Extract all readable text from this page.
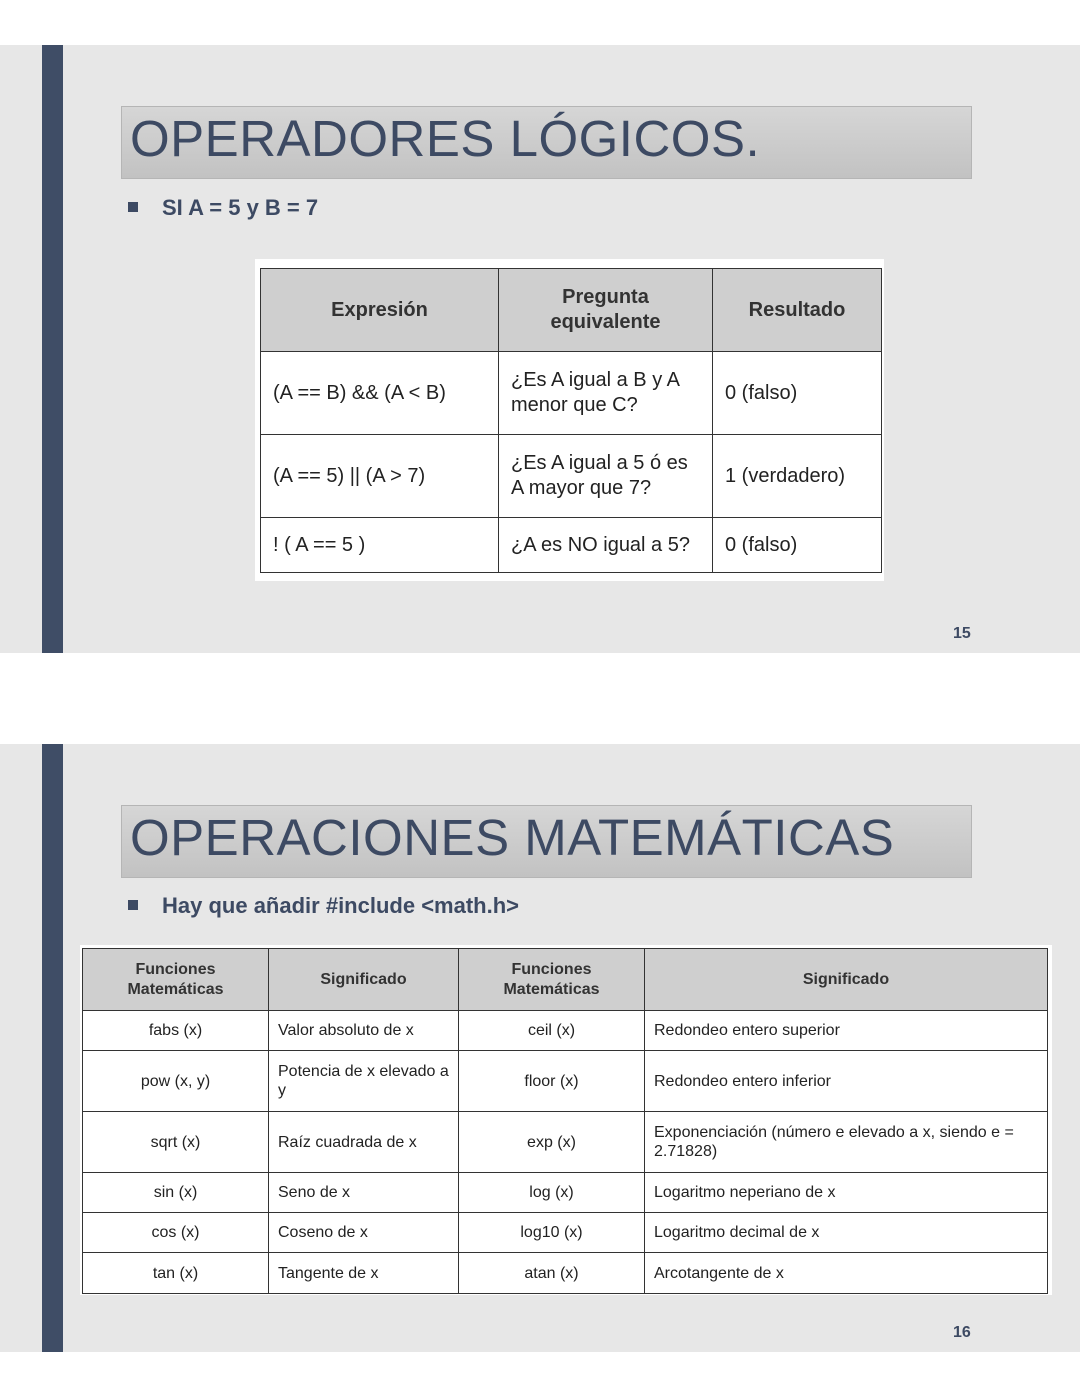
OPERADORES LÓGICOS.
SI A = 5 y B = 7
15
Expresión	Pregunta equivalente	Resultado
(A == B) && (A < B)	¿Es A igual a B y A menor que C?	0 (falso)
(A == 5) || (A > 7)	¿Es A igual a 5 ó es A mayor que 7?	1 (verdadero)
! ( A == 5 )	¿A es NO igual a 5?	0 (falso)
OPERACIONES MATEMÁTICAS
Hay que añadir #include <math.h>
16
Funciones Matemáticas	Significado	Funciones Matemáticas	Significado
fabs (x)	Valor absoluto de x	ceil (x)	Redondeo entero superior
pow (x, y)	Potencia de x elevado a y	floor (x)	Redondeo entero inferior
sqrt (x)	Raíz cuadrada de x	exp (x)	Exponenciación (número e elevado a x, siendo e = 2.71828)
sin (x)	Seno de x	log (x)	Logaritmo neperiano de x
cos (x)	Coseno de x	log10 (x)	Logaritmo decimal de x
tan (x)	Tangente de x	atan (x)	Arcotangente de x
